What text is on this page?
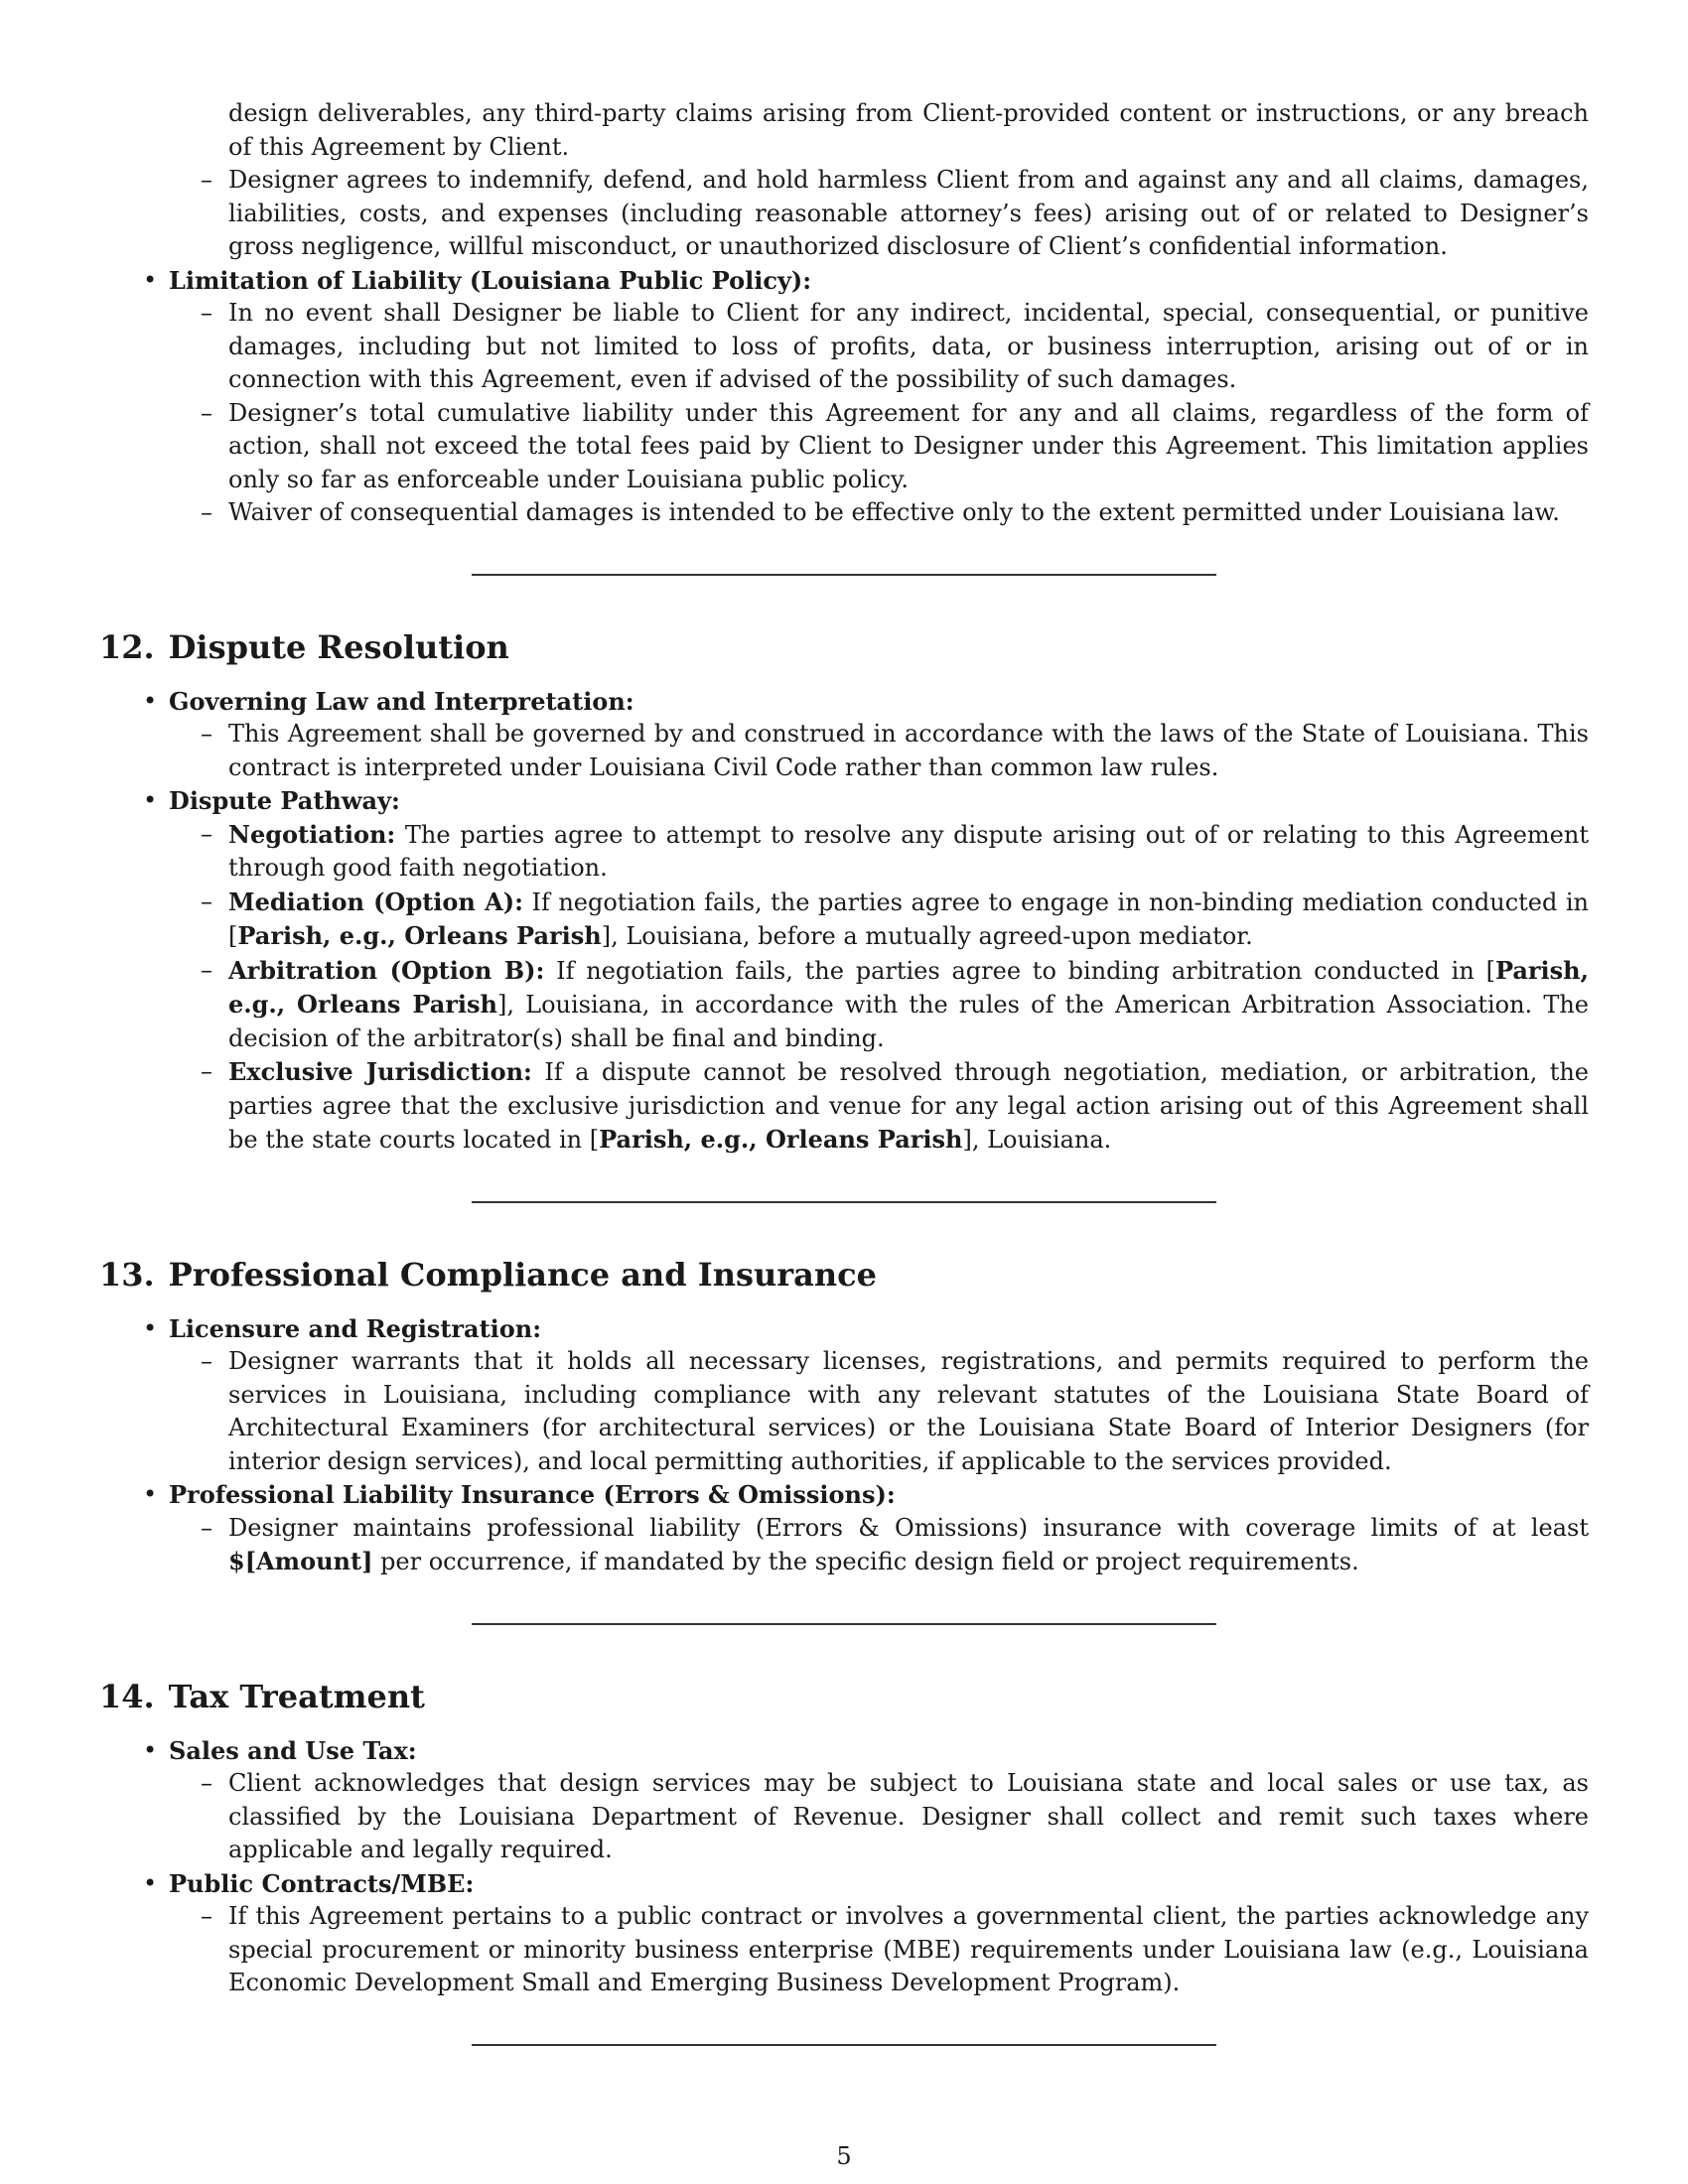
design deliverables, any third-party claims arising from Client-provided content or instructions, or any breach of this Agreement by Client.
– Designer agrees to indemnify, defend, and hold harmless Client from and against any and all claims, damages, liabilities, costs, and expenses (including reasonable attorney’s fees) arising out of or related to Designer’s gross negligence, willful misconduct, or unauthorized disclosure of Client’s confidential information.
• Limitation of Liability (Louisiana Public Policy):
– In no event shall Designer be liable to Client for any indirect, incidental, special, consequential, or punitive damages, including but not limited to loss of profits, data, or business interruption, arising out of or in connection with this Agreement, even if advised of the possibility of such damages.
– Designer’s total cumulative liability under this Agreement for any and all claims, regardless of the form of action, shall not exceed the total fees paid by Client to Designer under this Agreement. This limitation applies only so far as enforceable under Louisiana public policy.
– Waiver of consequential damages is intended to be effective only to the extent permitted under Louisiana law.
12. Dispute Resolution
• Governing Law and Interpretation:
– This Agreement shall be governed by and construed in accordance with the laws of the State of Louisiana. This contract is interpreted under Louisiana Civil Code rather than common law rules.
• Dispute Pathway:
– Negotiation: The parties agree to attempt to resolve any dispute arising out of or relating to this Agreement through good faith negotiation.
– Mediation (Option A): If negotiation fails, the parties agree to engage in non-binding mediation conducted in [Parish, e.g., Orleans Parish], Louisiana, before a mutually agreed-upon mediator.
– Arbitration (Option B): If negotiation fails, the parties agree to binding arbitration conducted in [Parish, e.g., Orleans Parish], Louisiana, in accordance with the rules of the American Arbitration Association. The decision of the arbitrator(s) shall be final and binding.
– Exclusive Jurisdiction: If a dispute cannot be resolved through negotiation, mediation, or arbitration, the parties agree that the exclusive jurisdiction and venue for any legal action arising out of this Agreement shall be the state courts located in [Parish, e.g., Orleans Parish], Louisiana.
13. Professional Compliance and Insurance
• Licensure and Registration:
– Designer warrants that it holds all necessary licenses, registrations, and permits required to perform the services in Louisiana, including compliance with any relevant statutes of the Louisiana State Board of Architectural Examiners (for architectural services) or the Louisiana State Board of Interior Designers (for interior design services), and local permitting authorities, if applicable to the services provided.
• Professional Liability Insurance (Errors & Omissions):
– Designer maintains professional liability (Errors & Omissions) insurance with coverage limits of at least $[Amount] per occurrence, if mandated by the specific design field or project requirements.
14. Tax Treatment
• Sales and Use Tax:
– Client acknowledges that design services may be subject to Louisiana state and local sales or use tax, as classified by the Louisiana Department of Revenue. Designer shall collect and remit such taxes where applicable and legally required.
• Public Contracts/MBE:
– If this Agreement pertains to a public contract or involves a governmental client, the parties acknowledge any special procurement or minority business enterprise (MBE) requirements under Louisiana law (e.g., Louisiana Economic Development Small and Emerging Business Development Program).
5
